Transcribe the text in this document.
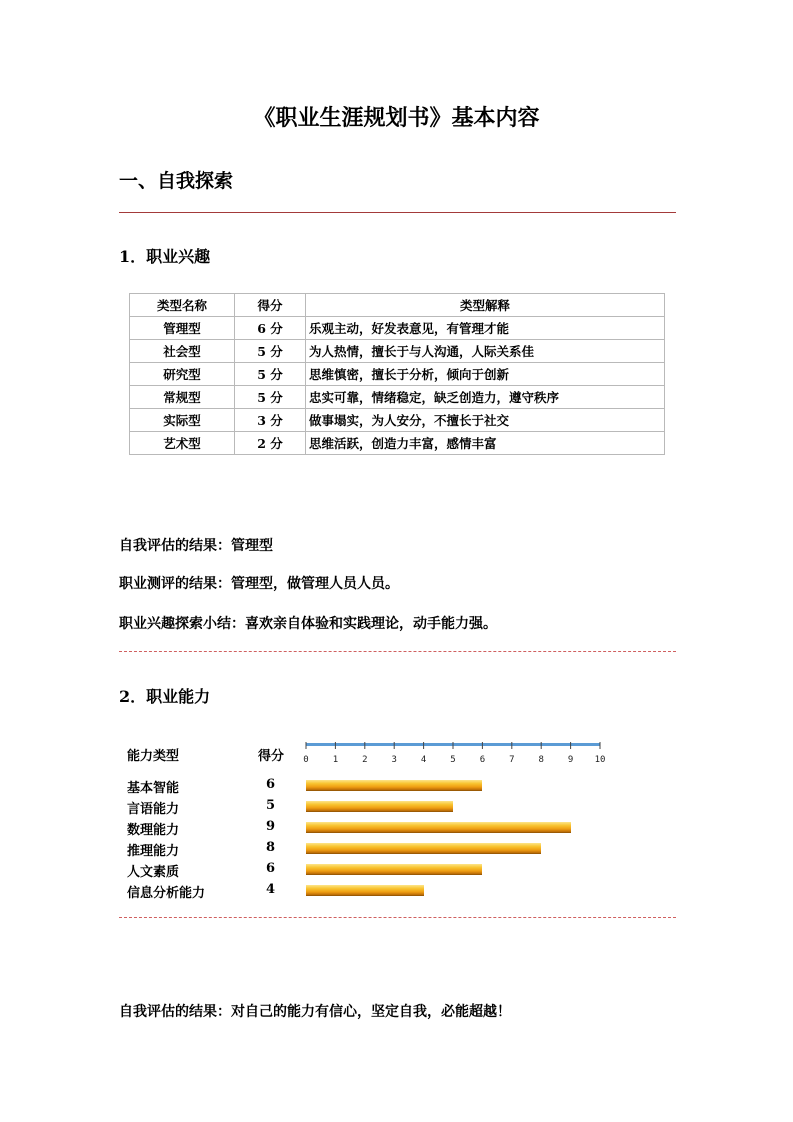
《职业生涯规划书》基本内容
一、自我探索
1．职业兴趣
类型名称	得分	类型解释
管理型	6 分	乐观主动，好发表意见，有管理才能
社会型	5 分	为人热情，擅长于与人沟通，人际关系佳
研究型	5 分	思维慎密，擅长于分析，倾向于创新
常规型	5 分	忠实可靠，情绪稳定，缺乏创造力，遵守秩序
实际型	3 分	做事塌实，为人安分，不擅长于社交
艺术型	2 分	思维活跃，创造力丰富，感情丰富
自我评估的结果：管理型
职业测评的结果：管理型，做管理人员人员。
职业兴趣探索小结：喜欢亲自体验和实践理论，动手能力强。
2．职业能力
能力类型	得分 0	1	2	3	4	5	6	7	8	9 10
基本智能	6
言语能力	5
数理能力	9
推理能力	8
人文素质	6
信息分析能力	4
自我评估的结果：对自己的能力有信心，坚定自我，必能超越！
